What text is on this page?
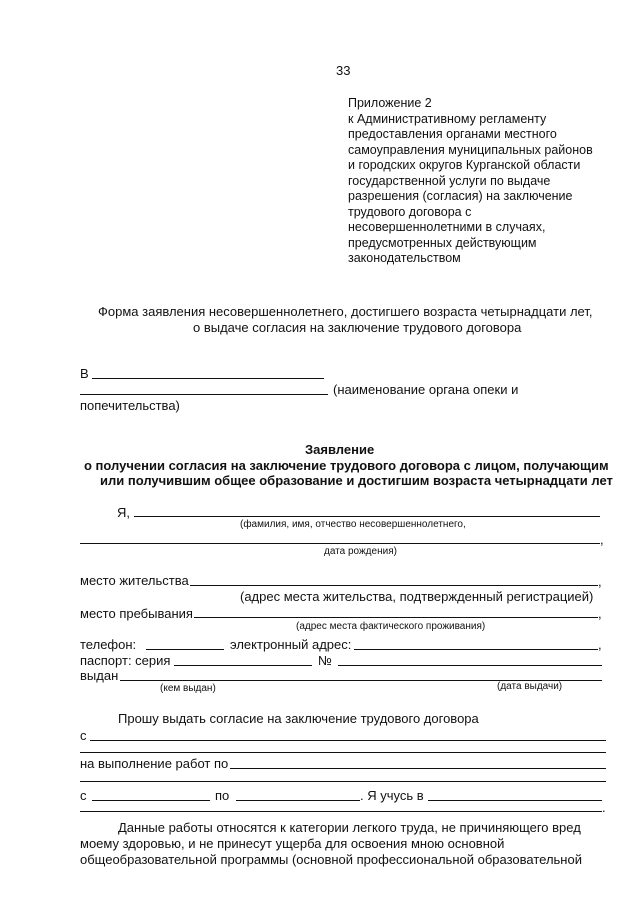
33
Приложение 2
к Административному регламенту
предоставления органами местного
самоуправления муниципальных районов
и городских округов Курганской области
государственной услуги по выдаче
разрешения (согласия) на заключение
трудового договора с
несовершеннолетними в случаях,
предусмотренных действующим
законодательством
Форма заявления несовершеннолетнего, достигшего возраста четырнадцати лет,
о выдаче согласия на заключение трудового договора
В
(наименование органа опеки и
попечительства)
Заявление
о получении согласия на заключение трудового договора с лицом, получающим
или получившим общее образование и достигшим возраста четырнадцати лет
Я,
(фамилия, имя, отчество несовершеннолетнего,
,
дата рождения)
место жительства	,
(адрес места жительства, подтвержденный регистрацией)
место пребывания	,
(адрес места фактического проживания)
телефон:	электронный адрес:	,
паспорт: серия	№
выдан
(кем выдан)	(дата выдачи)
Прошу выдать согласие на заключение трудового договора
с
на выполнение работ по
с	по	. Я учусь в
.
Данные работы относятся к категории легкого труда, не причиняющего вред
моему здоровью, и не принесут ущерба для освоения мною основной
общеобразовательной программы (основной профессиональной образовательной
